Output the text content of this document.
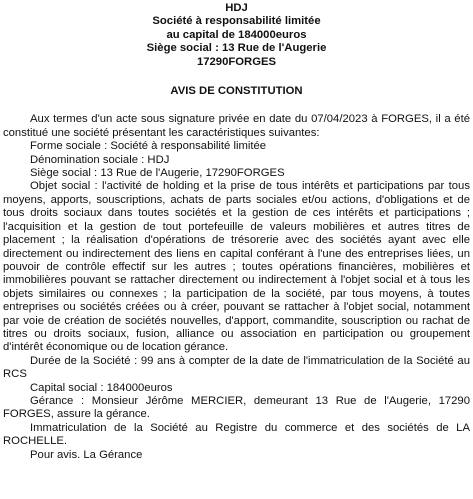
HDJ
Société à responsabilité limitée
au capital de 184000euros
Siège social : 13 Rue de l'Augerie
17290FORGES
AVIS DE CONSTITUTION
Aux termes d'un acte sous signature privée en date du 07/04/2023 à FORGES, il a été constitué une société présentant les caractéristiques suivantes:
Forme sociale : Société à responsabilité limitée
Dénomination sociale : HDJ
Siège social : 13 Rue de l'Augerie, 17290FORGES
Objet social : l'activité de holding et la prise de tous intérêts et participations par tous moyens, apports, souscriptions, achats de parts sociales et/ou actions, d'obligations et de tous droits sociaux dans toutes sociétés et la gestion de ces intérêts et participations ; l'acquisition et la gestion de tout portefeuille de valeurs mobilières et autres titres de placement ; la réalisation d'opérations de trésorerie avec des sociétés ayant avec elle directement ou indirectement des liens en capital conférant à l'une des entreprises liées, un pouvoir de contrôle effectif sur les autres ; toutes opérations financières, mobilières et immobilières pouvant se rattacher directement ou indirectement à l'objet social et à tous les objets similaires ou connexes ; la participation de la société, par tous moyens, à toutes entreprises ou sociétés créées ou à créer, pouvant se rattacher à l'objet social, notamment par voie de création de sociétés nouvelles, d'apport, commandite, souscription ou rachat de titres ou droits sociaux, fusion, alliance ou association en participation ou groupement d'intérêt économique ou de location gérance.
Durée de la Société : 99 ans à compter de la date de l'immatriculation de la Société au RCS
Capital social : 184000euros
Gérance : Monsieur Jérôme MERCIER, demeurant 13 Rue de l'Augerie, 17290 FORGES, assure la gérance.
Immatriculation de la Société au Registre du commerce et des sociétés de LA ROCHELLE.
Pour avis. La Gérance
